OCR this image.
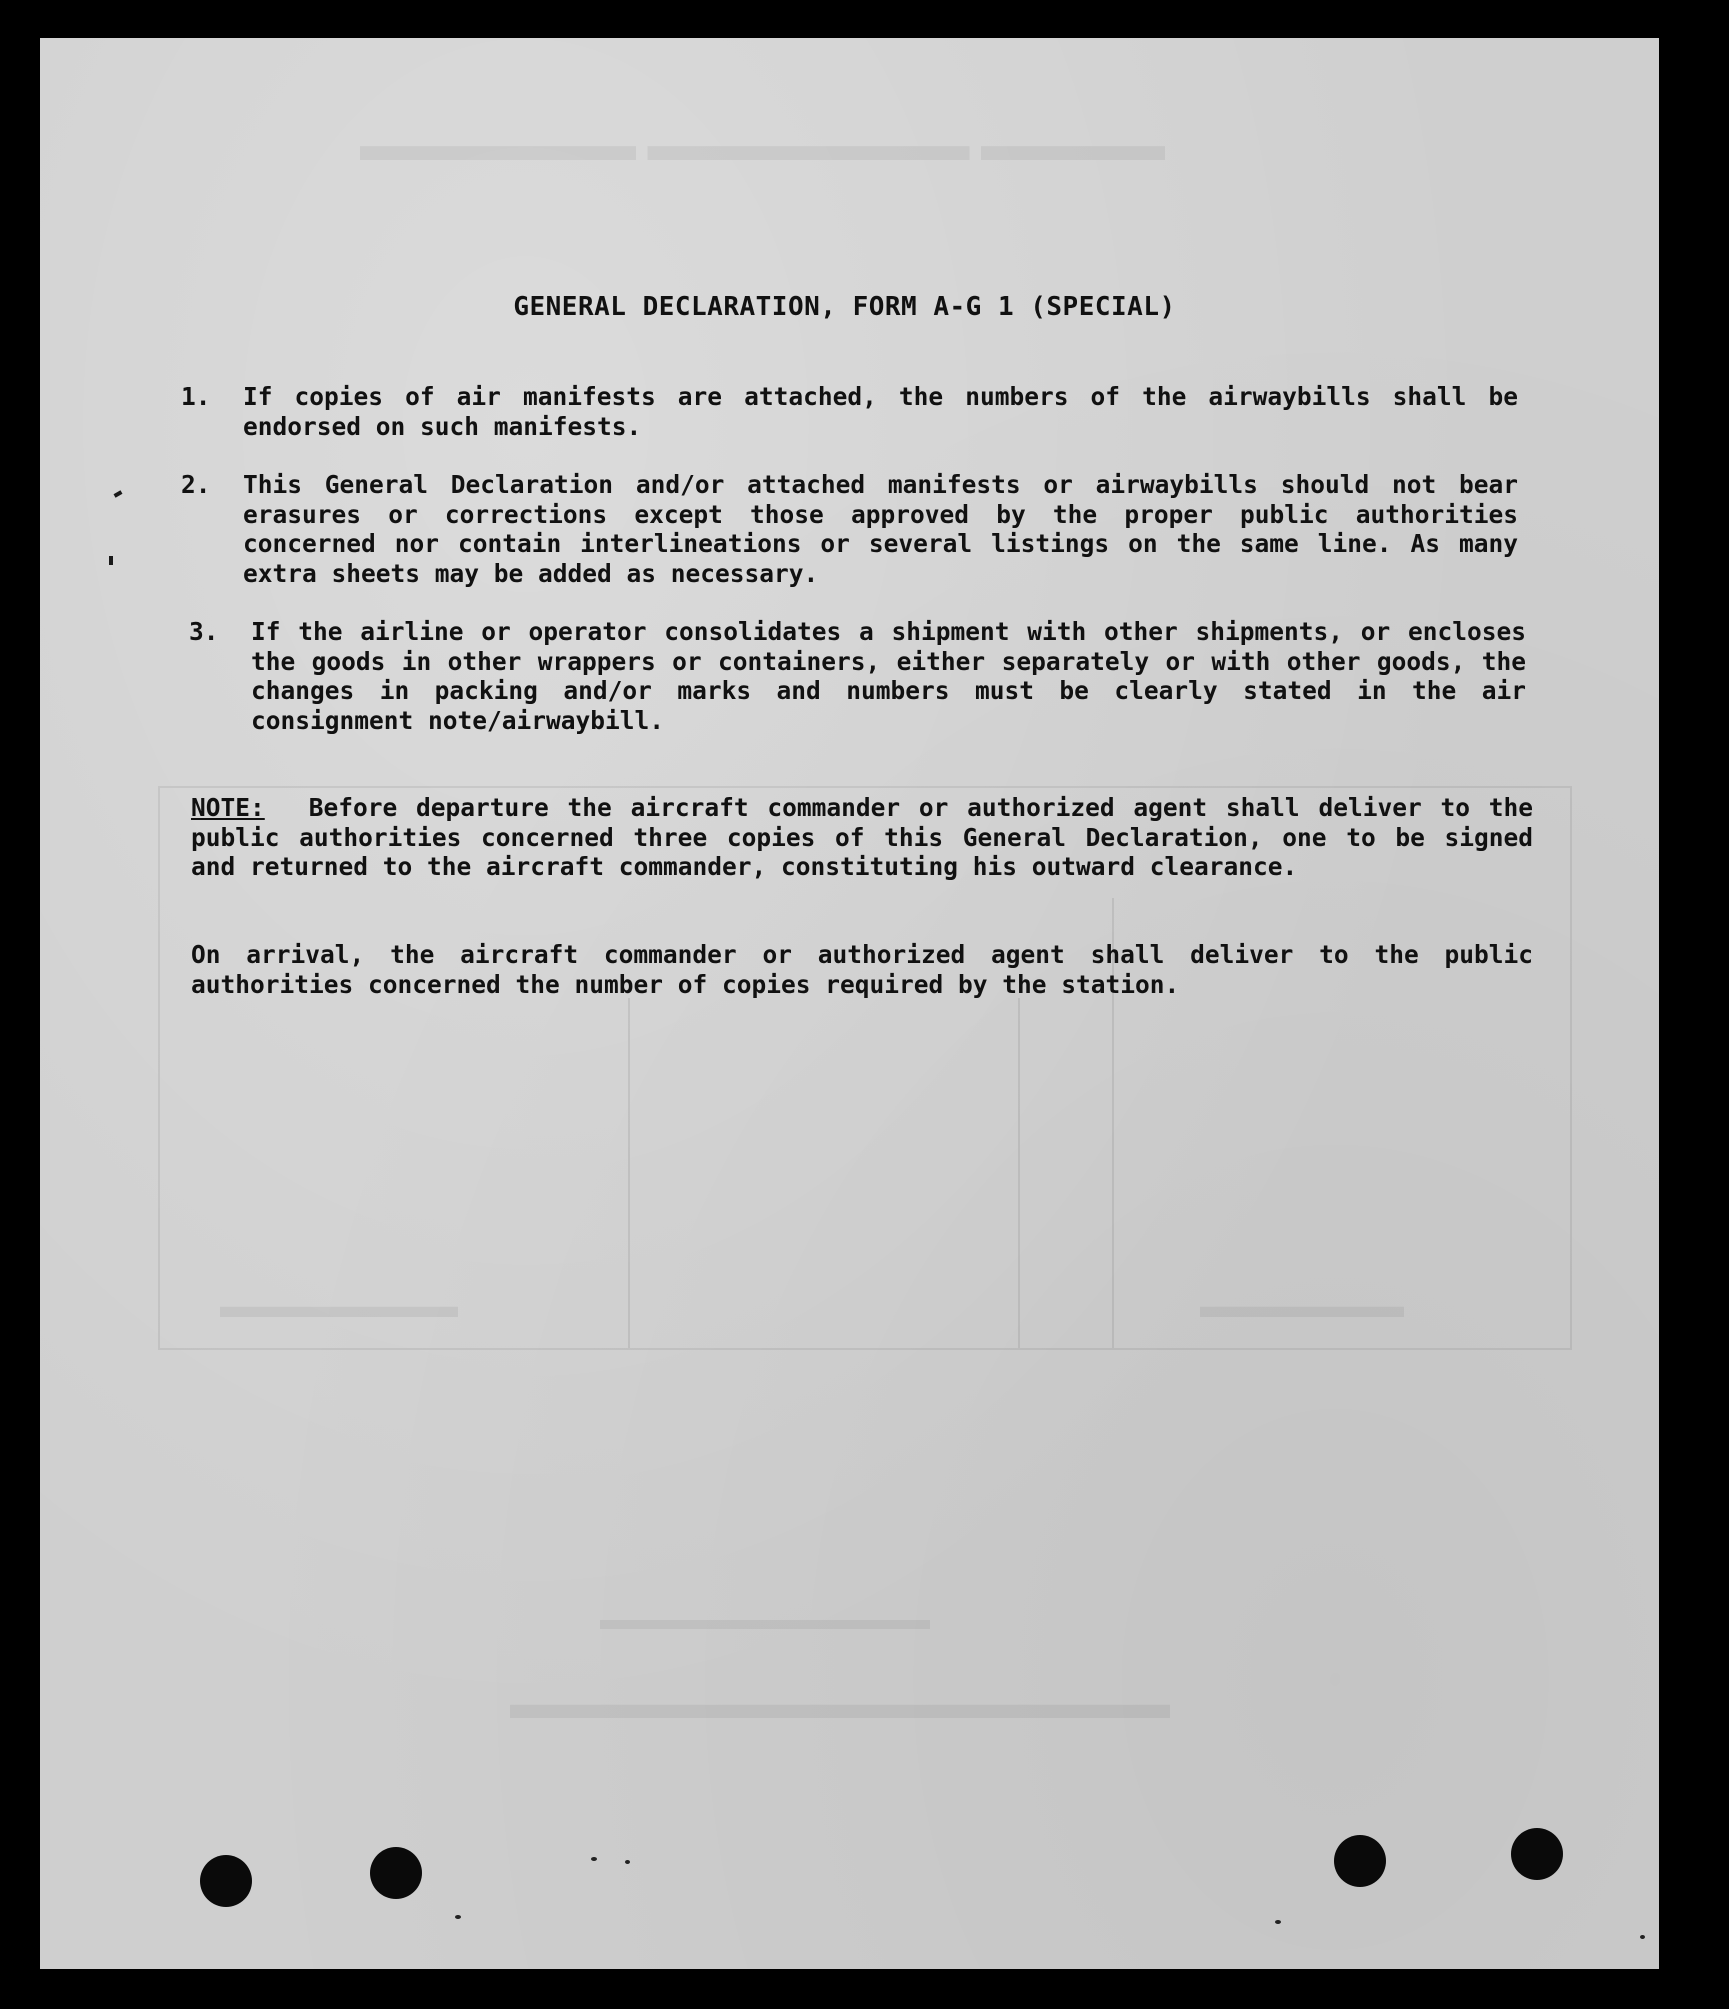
▬▬▬▬ ▬▬▬▬▬▬▬ ▬▬▬▬▬▬
▬▬▬▬▬▬▬	▬▬▬▬▬▬
▬▬▬▬▬▬▬▬▬▬▬▬▬▬▬
▬▬▬▬▬▬▬▬▬▬▬
GENERAL DECLARATION, FORM A-G 1 (SPECIAL)
1.	If copies of air manifests are attached, the numbers of the airwaybills shall be endorsed on such manifests.
2.	This General Declaration and/or attached manifests or airwaybills should not bear erasures or corrections except those approved by the proper public authorities concerned nor contain interlineations or several listings on the same line. As many extra sheets may be added as necessary.
3.	If the airline or operator consolidates a shipment with other shipments, or encloses the goods in other wrappers or containers, either separately or with other goods, the changes in packing and/or marks and numbers must be clearly stated in the air consignment note/airwaybill.
NOTE: Before departure the aircraft commander or authorized agent shall deliver to the public authorities concerned three copies of this General Declaration, one to be signed and returned to the aircraft commander, constituting his outward clearance.
On arrival, the aircraft commander or authorized agent shall deliver to the public authorities concerned the number of copies required by the station.
